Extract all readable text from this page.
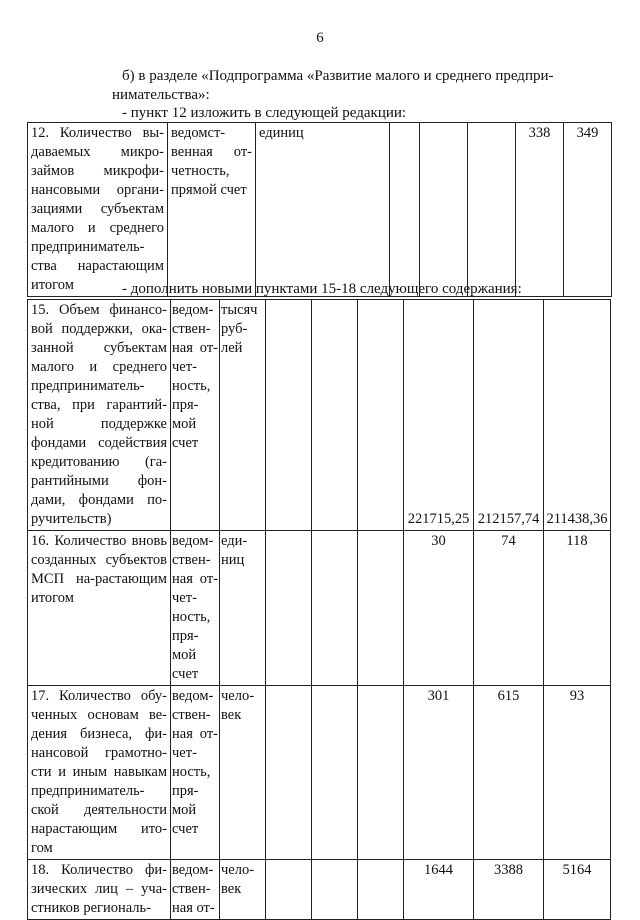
6
б) в разделе «Подпрограмма «Развитие малого и среднего предпри-
нимательства»:
- пункт 12 изложить в следующей редакции:
12. Количество вы-даваемых микро-займов микрофи-нансовыми органи-зациями субъектам малого и среднего предприниматель-ства нарастающим итогом	ведомст-венная от-четность, прямой счет	единиц				338	349
- дополнить новыми пунктами 15-18 следующего содержания:
15. Объем финансо-вой поддержки, ока-занной субъектам малого и среднего предприниматель-ства, при гарантий-ной поддержке фондами содействия кредитованию (га-рантийными фон-дами, фондами по-ручительств)	ведом-ствен-ная от-чет-ность, пря-мой счет	тысяч руб-лей				221715,25	212157,74	211438,36
16. Количество вновь созданных субъектов МСП на-растающим итогом	ведом-ствен-ная от-чет-ность, пря-мой счет	еди-ниц				30	74	118
17. Количество обу-ченных основам ве-дения бизнеса, фи-нансовой грамотно-сти и иным навыкам предприниматель-ской деятельности нарастающим ито-гом	ведом-ствен-ная от-чет-ность, пря-мой счет	чело-век				301	615	93
18. Количество фи-зических лиц – уча-стников региональ-	ведом-ствен-ная от-	чело-век				1644	3388	5164
